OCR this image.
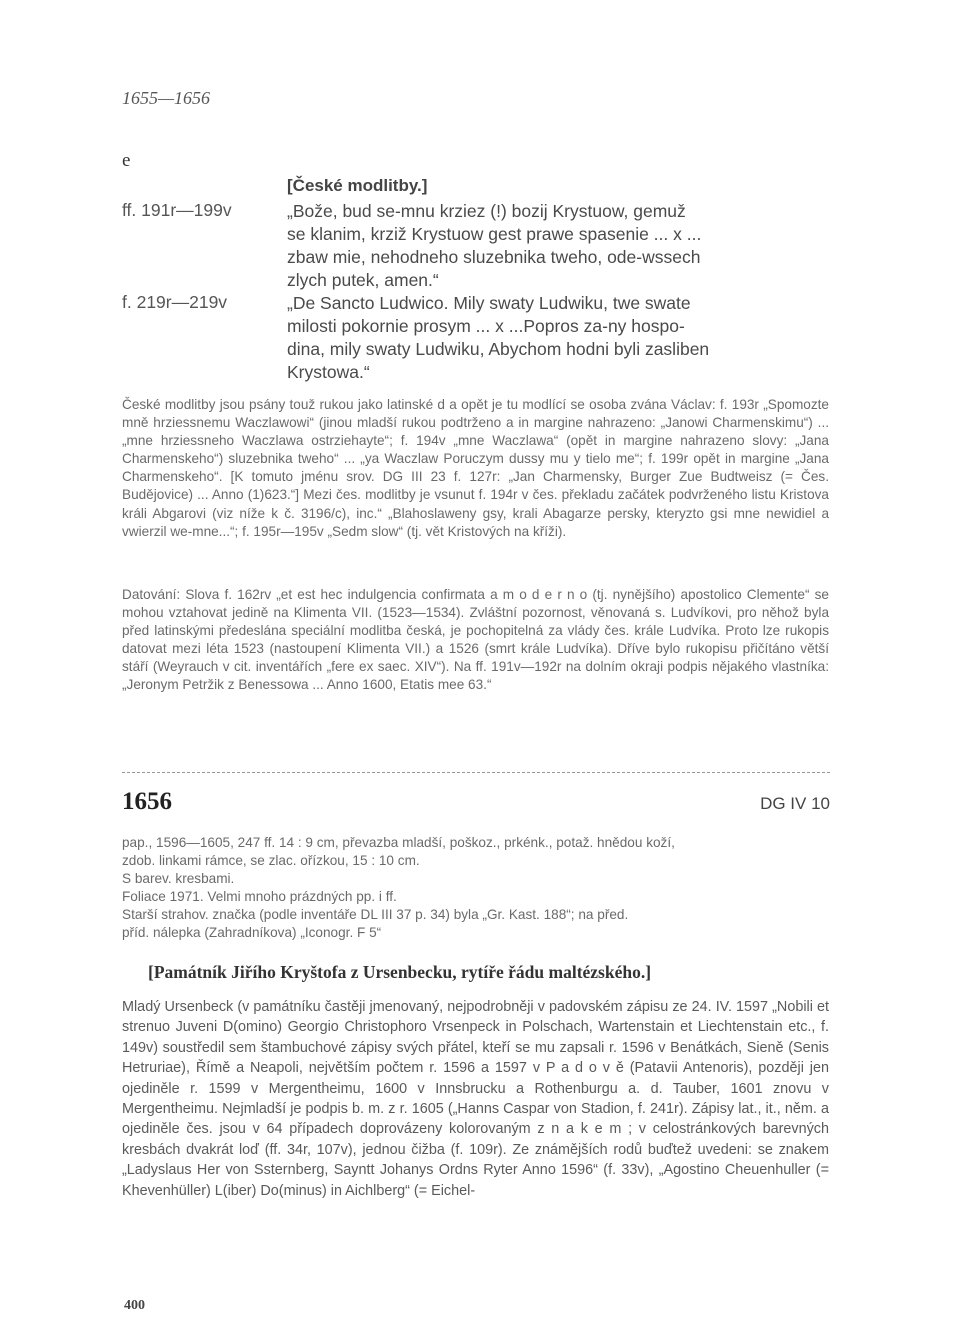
1655—1656
e
[České modlitby.]
ff. 191r—199v	„Bože, bud se-mnu krziez (!) bozij Krystuow, gemuž
se klanim, krziž Krystuow gest prawe spasenie ... x ...
zbaw mie, nehodneho sluzebnika tweho, ode-wssech
zlych putek, amen.“
f. 219r—219v	„De Sancto Ludwico. Mily swaty Ludwiku, twe swate
milosti pokornie prosym ... x ...Popros za-ny hospo-
dina, mily swaty Ludwiku, Abychom hodni byli zasliben
Krystowa.“
České modlitby jsou psány touž rukou jako latinské d a opět je tu modlící se osoba zvána Václav: f. 193r „Spomozte mně hrziessnemu Waczlawowi“ (jinou mladší rukou podtrženo a in margine nahrazeno: „Janowi Charmenskimu“) ... „mne hrziessneho Waczlawa ostrziehayte“; f. 194v „mne Waczlawa“ (opět in margine nahrazeno slovy: „Jana Charmenskeho“) sluzebnika tweho“ ... „ya Waczlaw Poruczym dussy mu y tielo me“; f. 199r opět in margine „Jana Charmenskeho“. [K tomuto jménu srov. DG III 23 f. 127r: „Jan Charmensky, Burger Zue Budtweisz (= Čes. Budějovice) ... Anno (1)623.“] Mezi čes. modlitby je vsunut f. 194r v čes. překladu začátek podvrženého listu Kristova králi Abgarovi (viz níže k č. 3196/c), inc.“ „Blahoslaweny gsy, krali Abagarze persky, kteryzto gsi mne newidiel a vwierzil we-mne...“; f. 195r—195v „Sedm slow“ (tj. vět Kristových na kříži).
Datování: Slova f. 162rv „et est hec indulgencia confirmata a m o d e r n o (tj. nynějšího) apostolico Clemente“ se mohou vztahovat jedině na Klimenta VII. (1523—1534). Zvláštní pozornost, věnovaná s. Ludvíkovi, pro něhož byla před latinskými předeslána speciální modlitba česká, je pochopitelná za vlády čes. krále Ludvíka. Proto lze rukopis datovat mezi léta 1523 (nastoupení Klimenta VII.) a 1526 (smrt krále Ludvíka). Dříve bylo rukopisu přičítáno větší stáří (Weyrauch v cit. inventářích „fere ex saec. XIV“). Na ff. 191v—192r na dolním okraji podpis nějakého vlastníka: „Jeronym Petržik z Benessowa ... Anno 1600, Etatis mee 63.“
1656	DG IV 10
pap., 1596—1605, 247 ff. 14 : 9 cm, převazba mladší, poškoz., prkénk., potaž. hnědou koží,
zdob. linkami rámce, se zlac. ořízkou, 15 : 10 cm.
S barev. kresbami.
Foliace 1971. Velmi mnoho prázdných pp. i ff.
Starší strahov. značka (podle inventáře DL III 37 p. 34) byla „Gr. Kast. 188“; na před.
příd. nálepka (Zahradníkova) „Iconogr. F 5“
[Památník Jiřího Kryštofa z Ursenbecku, rytíře řádu maltézského.]
Mladý Ursenbeck (v památníku častěji jmenovaný, nejpodrobněji v padovském zápisu ze 24. IV. 1597 „Nobili et strenuo Juveni D(omino) Georgio Christophoro Vrsenpeck in Polschach, Wartenstain et Liechtenstain etc., f. 149v) soustředil sem štambuchové zápisy svých přátel, kteří se mu zapsali r. 1596 v Benátkách, Sieně (Senis Hetruriae), Římě a Neapoli, největším počtem r. 1596 a 1597 v P a d o v ě (Patavii Antenoris), později jen ojediněle r. 1599 v Mergentheimu, 1600 v Innsbrucku a Rothenburgu a. d. Tauber, 1601 znovu v Mergentheimu. Nejmladší je podpis b. m. z r. 1605 („Hanns Caspar von Stadion, f. 241r). Zápisy lat., it., něm. a ojediněle čes. jsou v 64 případech doprovázeny kolorovaným z n a k e m ; v celostránkových barevných kresbách dvakrát loď (ff. 34r, 107v), jednou čižba (f. 109r). Ze známějších rodů buďtež uvedeni: se znakem „Ladyslaus Her von Ssternberg, Sayntt Johanys Ordns Ryter Anno 1596“ (f. 33v), „Agostino Cheuenhuller (= Khevenhüller) L(iber) Do(minus) in Aichlberg“ (= Eichel-
400
